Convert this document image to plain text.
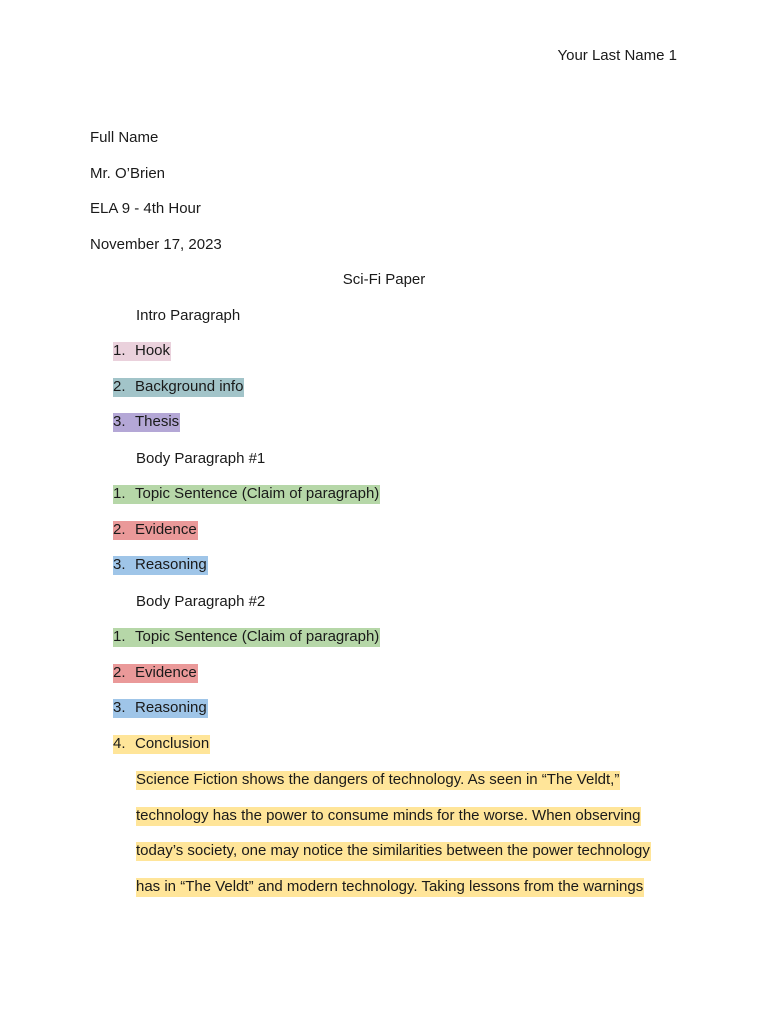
Your Last Name 1
Full Name
Mr. O’Brien
ELA 9 - 4th Hour
November 17, 2023
Sci-Fi Paper
Intro Paragraph
1. Hook
2. Background info
3. Thesis
Body Paragraph #1
1. Topic Sentence (Claim of paragraph)
2. Evidence
3. Reasoning
Body Paragraph #2
1. Topic Sentence (Claim of paragraph)
2. Evidence
3. Reasoning
4. Conclusion
Science Fiction shows the dangers of technology. As seen in “The Veldt,”
technology has the power to consume minds for the worse. When observing
today’s society, one may notice the similarities between the power technology
has in “The Veldt” and modern technology. Taking lessons from the warnings
